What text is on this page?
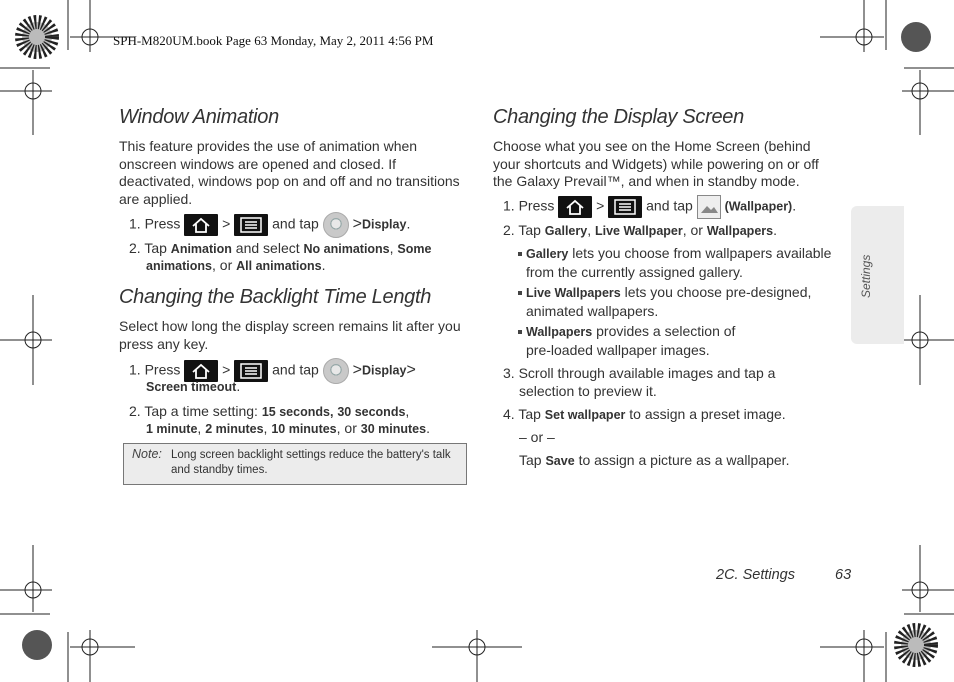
SPH-M820UM.book Page 63 Monday, May 2, 2011 4:56 PM
Window Animation
This feature provides the use of animation when
onscreen windows are opened and closed. If
deactivated, windows pop on and off and no transitions
are applied.
1. Press	>	and tap >Display.
2. Tap Animation and select No animations, Some
animations, or All animations.
Changing the Backlight Time Length
Select how long the display screen remains lit after you
press any key.
1. Press	>	and tap >Display>
Screen timeout.
2. Tap a time setting: 15 seconds, 30 seconds,
1 minute, 2 minutes, 10 minutes, or 30 minutes.
Note: Long screen backlight settings reduce the battery's talk
and standby times.
Changing the Display Screen
Choose what you see on the Home Screen (behind
your shortcuts and Widgets) while powering on or off
the Galaxy Prevail™, and when in standby mode.
1. Press	>	and tap	(Wallpaper).
2. Tap Gallery, Live Wallpaper, or Wallpapers.
Gallery lets you choose from wallpapers available
from the currently assigned gallery.
Live Wallpapers lets you choose pre-designed,
animated wallpapers.
Wallpapers provides a selection of
pre-loaded wallpaper images.
3. Scroll through available images and tap a
selection to preview it.
4. Tap Set wallpaper to assign a preset image.
– or –
Tap Save to assign a picture as a wallpaper.
Settings
2C. Settings	63
